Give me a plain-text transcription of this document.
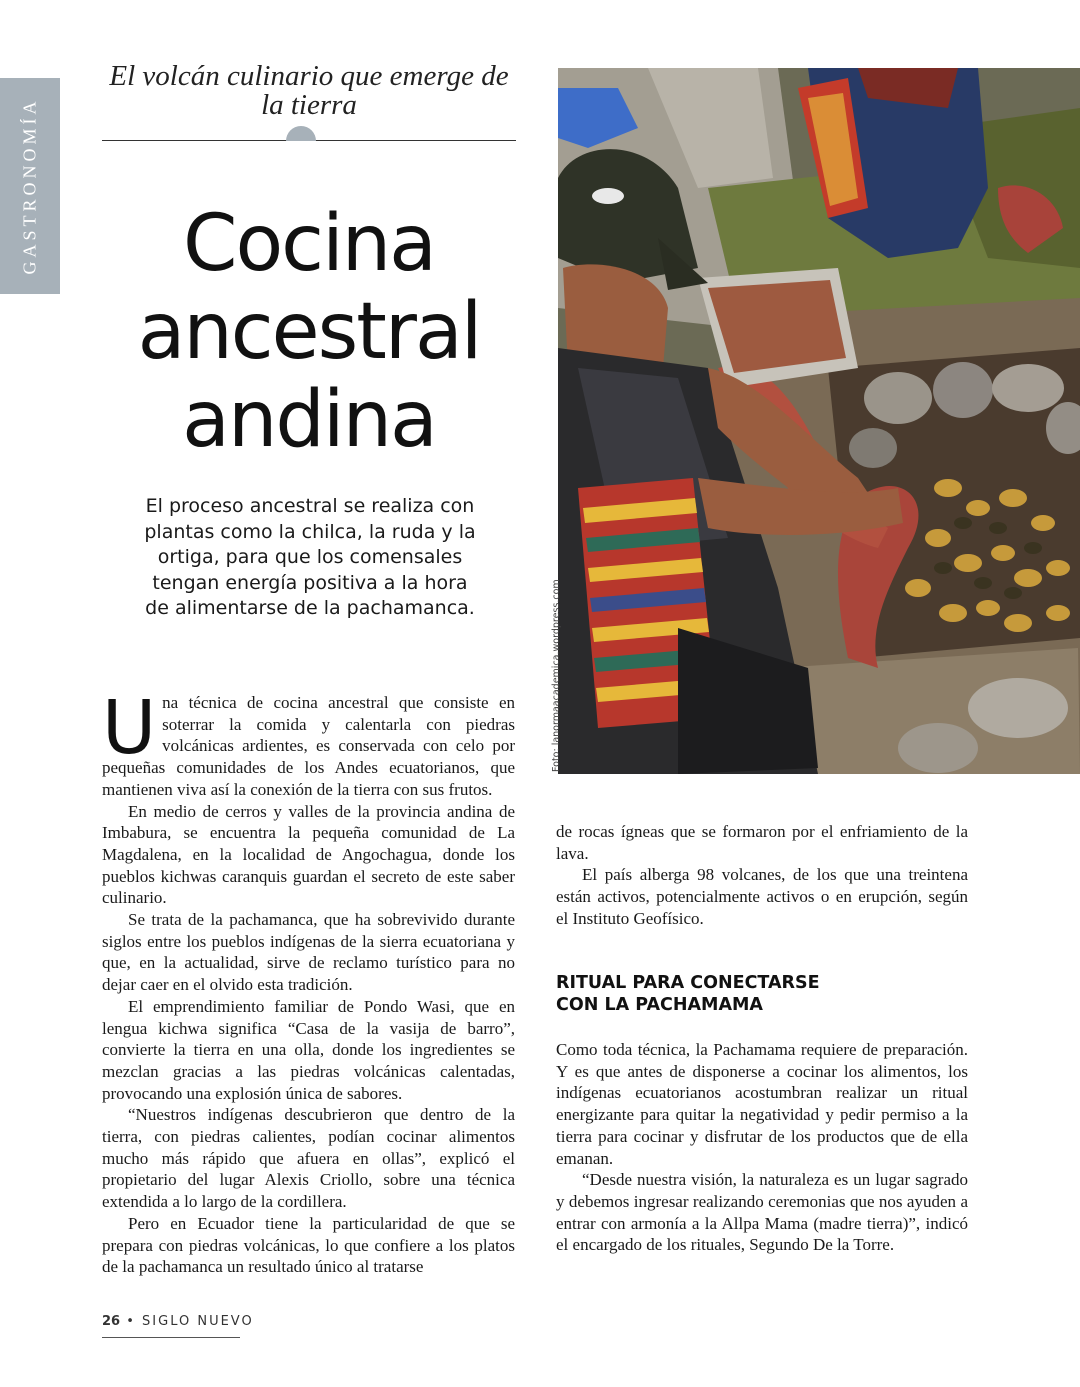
GASTRONOMÍA
El volcán culinario que emerge de la tierra
Cocina
ancestral
andina
El proceso ancestral se realiza con plantas como la chilca, la ruda y la ortiga, para que los comensales tengan energía positiva a la hora de alimentarse de la pachamanca.	Foto: lanormaacademica.wordpress.com

Una técnica de cocina ancestral que consiste en soterrar la comida y calentarla con piedras volcánicas ardientes, es conservada con celo por pequeñas comunidades de los Andes ecuatorianos, que mantienen viva así la conexión de la tierra con sus frutos.

En medio de cerros y valles de la provincia andina de Imbabura, se encuentra la pequeña comunidad de La Magdalena, en la localidad de Angochagua, donde los pueblos kichwas caranquis guardan el secreto de este saber culinario.

Se trata de la pachamanca, que ha sobrevivido durante siglos entre los pueblos indígenas de la sierra ecuatoriana y que, en la actualidad, sirve de reclamo turístico para no dejar caer en el olvido esta tradición.

El emprendimiento familiar de Pondo Wasi, que en lengua kichwa significa “Casa de la vasija de barro”, convierte la tierra en una olla, donde los ingredientes se mezclan gracias a las piedras volcánicas calentadas, provocando una explosión única de sabores.

“Nuestros indígenas descubrieron que dentro de la tierra, con piedras calientes, podían cocinar alimentos mucho más rápido que afuera en ollas”, explicó el propietario del lugar Alexis Criollo, sobre una técnica extendida a lo largo de la cordillera.

Pero en Ecuador tiene la particularidad de que se prepara con piedras volcánicas, lo que confiere a los platos de la pachamanca un resultado único al tratarse

de rocas ígneas que se formaron por el enfriamiento de la lava.

El país alberga 98 volcanes, de los que una treintena están activos, potencialmente activos o en erupción, según el Instituto Geofísico.

RITUAL PARA CONECTARSE
CON LA PACHAMAMA

Como toda técnica, la Pachamama requiere de preparación. Y es que antes de disponerse a cocinar los alimentos, los indígenas ecuatorianos acostumbran realizar un ritual energizante para quitar la negatividad y pedir permiso a la tierra para cocinar y disfrutar de los productos que de ella emanan.

“Desde nuestra visión, la naturaleza es un lugar sagrado y debemos ingresar realizando ceremonias que nos ayuden a entrar con armonía a la Allpa Mama (madre tierra)”, indicó el encargado de los rituales, Segundo De la Torre.

26 • SIGLO NUEVO
